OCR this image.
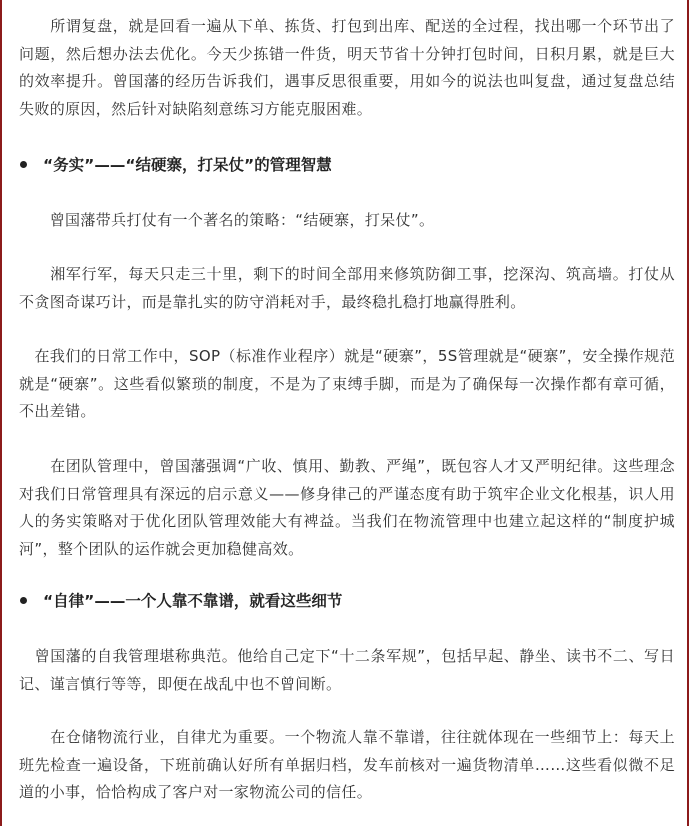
　　所谓复盘，就是回看一遍从下单、拣货、打包到出库、配送的全过程，找出哪一个环节出了问题，然后想办法去优化。今天少拣错一件货，明天节省十分钟打包时间，日积月累，就是巨大的效率提升。曾国藩的经历告诉我们，遇事反思很重要，用如今的说法也叫复盘，通过复盘总结失败的原因，然后针对缺陷刻意练习方能克服困难。

“务实”——“结硬寨，打呆仗”的管理智慧

　　曾国藩带兵打仗有一个著名的策略：“结硬寨，打呆仗”。

　　湘军行军，每天只走三十里，剩下的时间全部用来修筑防御工事，挖深沟、筑高墙。打仗从不贪图奇谋巧计，而是靠扎实的防守消耗对手，最终稳扎稳打地赢得胜利。

　在我们的日常工作中，SOP（标准作业程序）就是“硬寨”，5S管理就是“硬寨”，安全操作规范就是“硬寨”。这些看似繁琐的制度，不是为了束缚手脚，而是为了确保每一次操作都有章可循，不出差错。

　　在团队管理中，曾国藩强调“广收、慎用、勤教、严绳”，既包容人才又严明纪律。这些理念对我们日常管理具有深远的启示意义——修身律己的严谨态度有助于筑牢企业文化根基，识人用人的务实策略对于优化团队管理效能大有裨益。当我们在物流管理中也建立起这样的“制度护城河”，整个团队的运作就会更加稳健高效。

“自律”——一个人靠不靠谱，就看这些细节

　曾国藩的自我管理堪称典范。他给自己定下“十二条军规”，包括早起、静坐、读书不二、写日记、谨言慎行等等，即便在战乱中也不曾间断。

　　在仓储物流行业，自律尤为重要。一个物流人靠不靠谱，往往就体现在一些细节上：每天上班先检查一遍设备，下班前确认好所有单据归档，发车前核对一遍货物清单……这些看似微不足道的小事，恰恰构成了客户对一家物流公司的信任。
